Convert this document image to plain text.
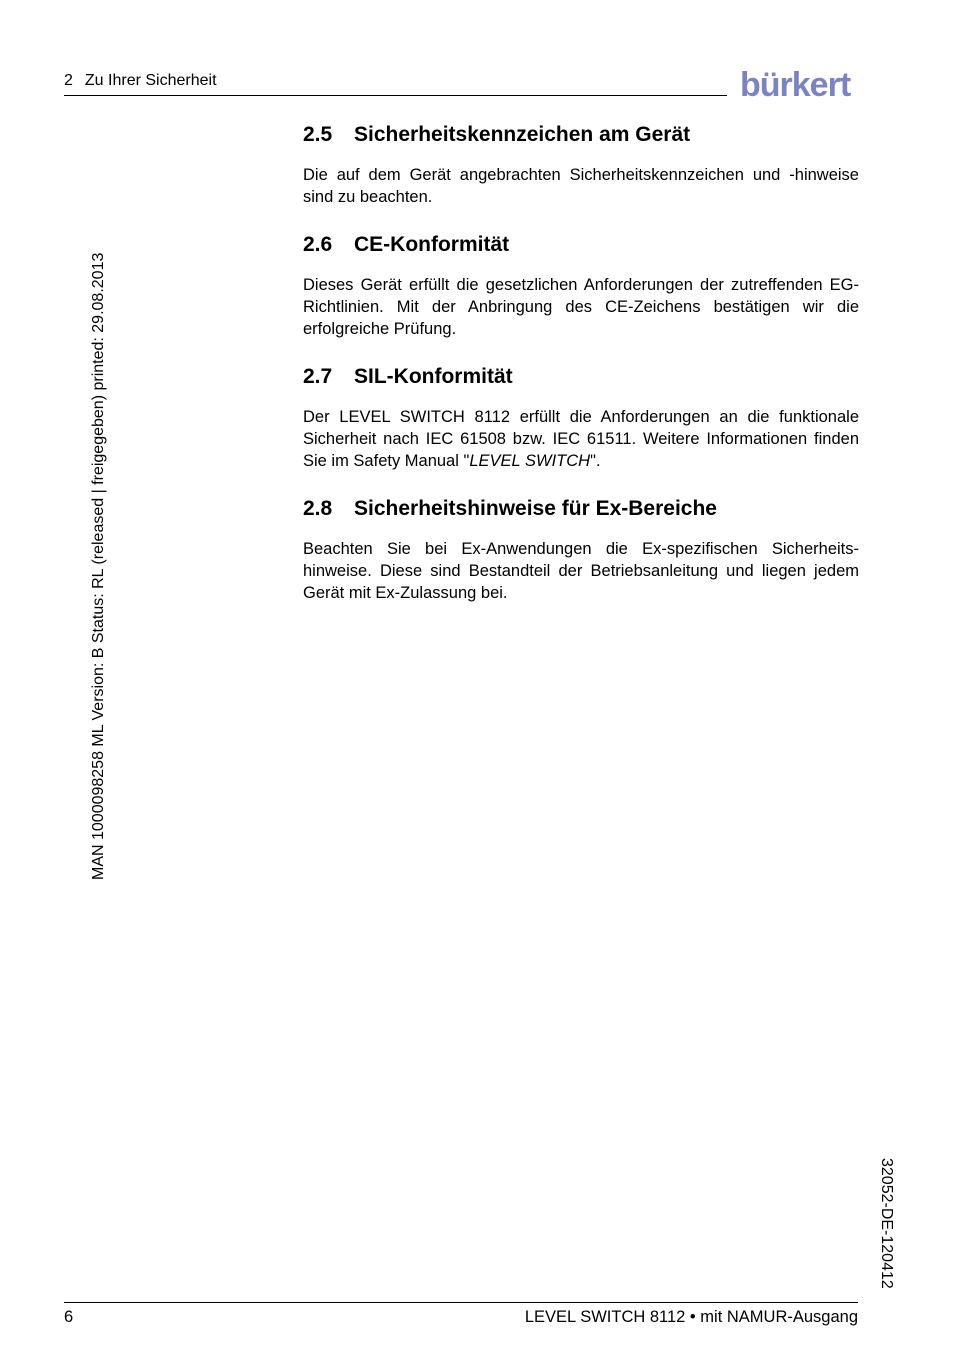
2 Zu Ihrer Sicherheit	bürkert
MAN 1000098258 ML Version: B Status: RL (released | freigegeben) printed: 29.08.2013
32052-DE-120412
2.5 Sicherheitskennzeichen am Gerät

Die auf dem Gerät angebrachten Sicherheitskennzeichen und -hinweise sind zu beachten.

2.6 CE-Konformität

Dieses Gerät erfüllt die gesetzlichen Anforderungen der zutreffenden EG-Richtlinien. Mit der Anbringung des CE-Zeichens bestätigen wir die erfolgreiche Prüfung.

2.7 SIL-Konformität

Der LEVEL SWITCH 8112 erfüllt die Anforderungen an die funktionale Sicherheit nach IEC 61508 bzw. IEC 61511. Weitere Informationen finden Sie im Safety Manual "LEVEL SWITCH".

2.8 Sicherheitshinweise für Ex-Bereiche

Beachten Sie bei Ex-Anwendungen die Ex-spezifischen Sicherheits-hinweise. Diese sind Bestandteil der Betriebsanleitung und liegen jedem Gerät mit Ex-Zulassung bei.

6	LEVEL SWITCH 8112 • mit NAMUR-Ausgang
